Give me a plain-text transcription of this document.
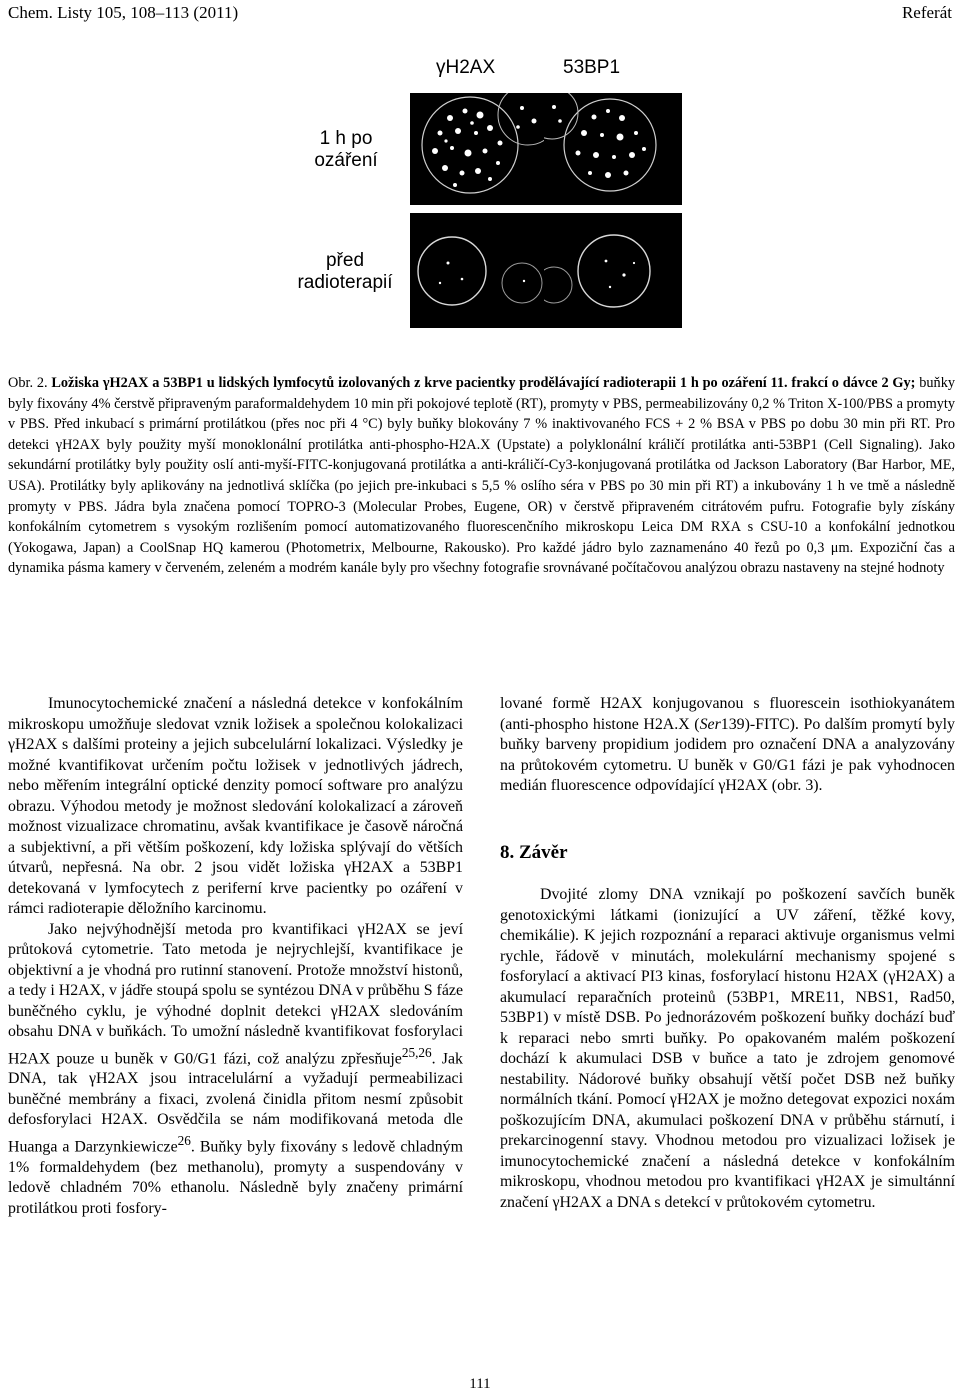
Chem. Listy 105, 108–113 (2011)	Referát
γH2AX	53BP1
1 h po
ozáření
před
radioterapií
Obr. 2. Ložiska γH2AX a 53BP1 u lidských lymfocytů izolovaných z krve pacientky prodělávající radioterapii 1 h po ozáření 11. frakcí o dávce 2 Gy; buňky byly fixovány 4% čerstvě připraveným paraformaldehydem 10 min při pokojové teplotě (RT), promyty v PBS, permeabilizovány 0,2 % Triton X-100/PBS a promyty v PBS. Před inkubací s primární protilátkou (přes noc při 4 °C) byly buňky blokovány 7 % inaktivovaného FCS + 2 % BSA v PBS po dobu 30 min při RT. Pro detekci γH2AX byly použity myší monoklonální protilátka anti-phospho-H2A.X (Upstate) a polyklonální králičí protilátka anti-53BP1 (Cell Signaling). Jako sekundární protilátky byly použity oslí anti-myší-FITC-konjugovaná protilátka a anti-králičí-Cy3-konjugovaná protilátka od Jackson Laboratory (Bar Harbor, ME, USA). Protilátky byly aplikovány na jednotlivá sklíčka (po jejich pre-inkubaci s 5,5 % oslího séra v PBS po 30 min při RT) a inkubovány 1 h ve tmě a následně promyty v PBS. Jádra byla značena pomocí TOPRO-3 (Molecular Probes, Eugene, OR) v čerstvě připraveném citrátovém pufru. Fotografie byly získány konfokálním cytometrem s vysokým rozlišením pomocí automatizovaného fluorescenčního mikroskopu Leica DM RXA s CSU-10 a konfokální jednotkou (Yokogawa, Japan) a CoolSnap HQ kamerou (Photometrix, Melbourne, Rakousko). Pro každé jádro bylo zaznamenáno 40 řezů po 0,3 μm. Expoziční čas a dynamika pásma kamery v červeném, zeleném a modrém kanále byly pro všechny fotografie srovnávané počítačovou analýzou obrazu nastaveny na stejné hodnoty

Imunocytochemické značení a následná detekce v konfokálním mikroskopu umožňuje sledovat vznik ložisek a společnou kolokalizaci γH2AX s dalšími proteiny a jejich subcelulární lokalizaci. Výsledky je možné kvantifikovat určením počtu ložisek v jednotlivých jádrech, nebo měřením integrální optické denzity pomocí software pro analýzu obrazu. Výhodou metody je možnost sledování kolokalizací a zároveň možnost vizualizace chromatinu, avšak kvantifikace je časově náročná a subjektivní, a při větším poškození, kdy ložiska splývají do větších útvarů, nepřesná. Na obr. 2 jsou vidět ložiska γH2AX a 53BP1 detekovaná v lymfocytech z periferní krve pacientky po ozáření v rámci radioterapie děložního karcinomu.

Jako nejvýhodnější metoda pro kvantifikaci γH2AX se jeví průtoková cytometrie. Tato metoda je nejrychlejší, kvantifikace je objektivní a je vhodná pro rutinní stanovení. Protože množství histonů, a tedy i H2AX, v jádře stoupá spolu se syntézou DNA v průběhu S fáze buněčného cyklu, je výhodné doplnit detekci γH2AX sledováním obsahu DNA v buňkách. To umožní následně kvantifikovat fosforylaci H2AX pouze u buněk v G0/G1 fázi, což analýzu zpřesňuje$^{25,26}$. Jak DNA, tak γH2AX jsou intracelulární a vyžadují permeabilizaci buněčné membrány a fixaci, zvolená činidla přitom nesmí způsobit defosforylaci H2AX. Osvědčila se nám modifikovaná metoda dle Huanga a Darzynkiewicze$^{26}$. Buňky byly fixovány s ledově chladným 1% formaldehydem (bez methanolu), promyty a suspendovány v ledově chladném 70% ethanolu. Následně byly značeny primární protilátkou proti fosfory-

lované formě H2AX konjugovanou s fluorescein isothiokyanátem (anti-phospho histone H2A.X (Ser139)-FITC). Po dalším promytí byly buňky barveny propidium jodidem pro označení DNA a analyzovány na průtokovém cytometru. U buněk v G0/G1 fázi je pak vyhodnocen medián fluorescence odpovídající γH2AX (obr. 3).

8. Závěr

Dvojité zlomy DNA vznikají po poškození savčích buněk genotoxickými látkami (ionizující a UV záření, těžké kovy, chemikálie). K jejich rozpoznání a reparaci aktivuje organismus velmi rychle, řádově v minutách, molekulární mechanismy spojené s fosforylací a aktivací PI3 kinas, fosforylací histonu H2AX (γH2AX) a akumulací reparačních proteinů (53BP1, MRE11, NBS1, Rad50, 53BP1) v místě DSB. Po jednorázovém poškození buňky dochází buď k reparaci nebo smrti buňky. Po opakovaném malém poškození dochází k akumulaci DSB v buňce a tato je zdrojem genomové nestability. Nádorové buňky obsahují větší počet DSB než buňky normálních tkání. Pomocí γH2AX je možno detegovat expozici noxám poškozujícím DNA, akumulaci poškození DNA v průběhu stárnutí, i prekarcinogenní stavy. Vhodnou metodou pro vizualizaci ložisek je imunocytochemické značení a následná detekce v konfokálním mikroskopu, vhodnou metodou pro kvantifikaci γH2AX je simultánní značení γH2AX a DNA s detekcí v průtokovém cytometru.

111
